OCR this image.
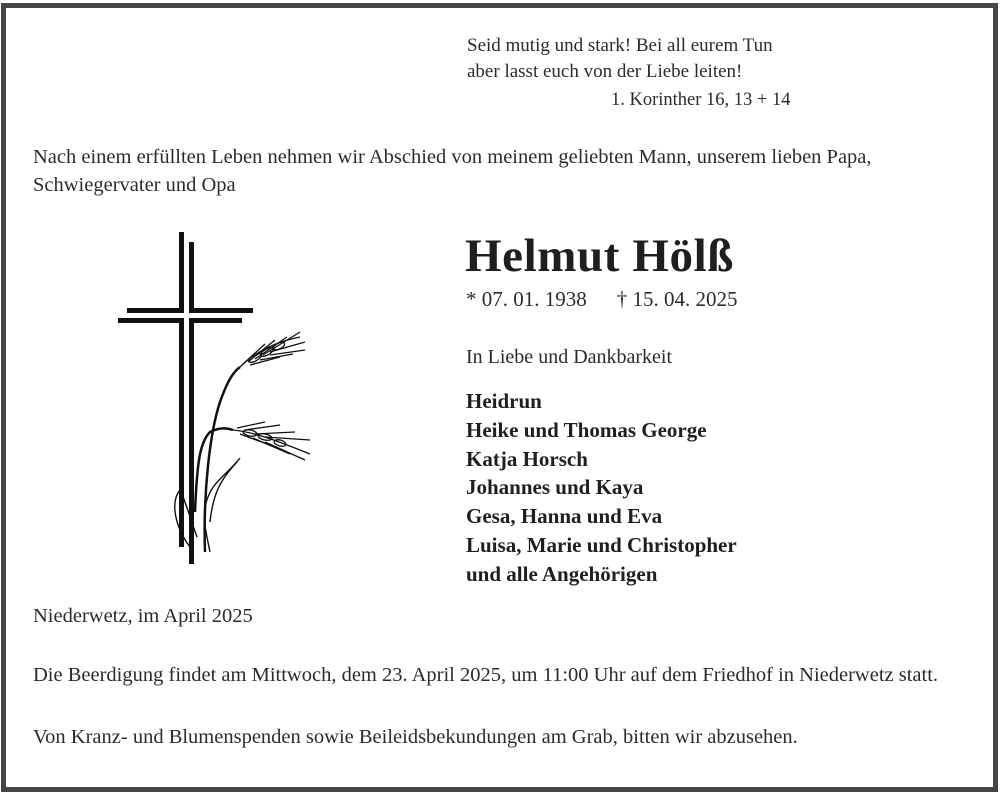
Seid mutig und stark! Bei all eurem Tun
aber lasst euch von der Liebe leiten!
1. Korinther 16, 13 + 14
Nach einem erfüllten Leben nehmen wir Abschied von meinem geliebten Mann, unserem lieben Papa, Schwiegervater und Opa
Helmut Hölß
* 07. 01. 1938 † 15. 04. 2025
In Liebe und Dankbarkeit
Heidrun
Heike und Thomas George
Katja Horsch
Johannes und Kaya
Gesa, Hanna und Eva
Luisa, Marie und Christopher
und alle Angehörigen
Niederwetz, im April 2025
Die Beerdigung findet am Mittwoch, dem 23. April 2025, um 11:00 Uhr auf dem Friedhof in Niederwetz statt.
Von Kranz- und Blumenspenden sowie Beileidsbekundungen am Grab, bitten wir abzusehen.
